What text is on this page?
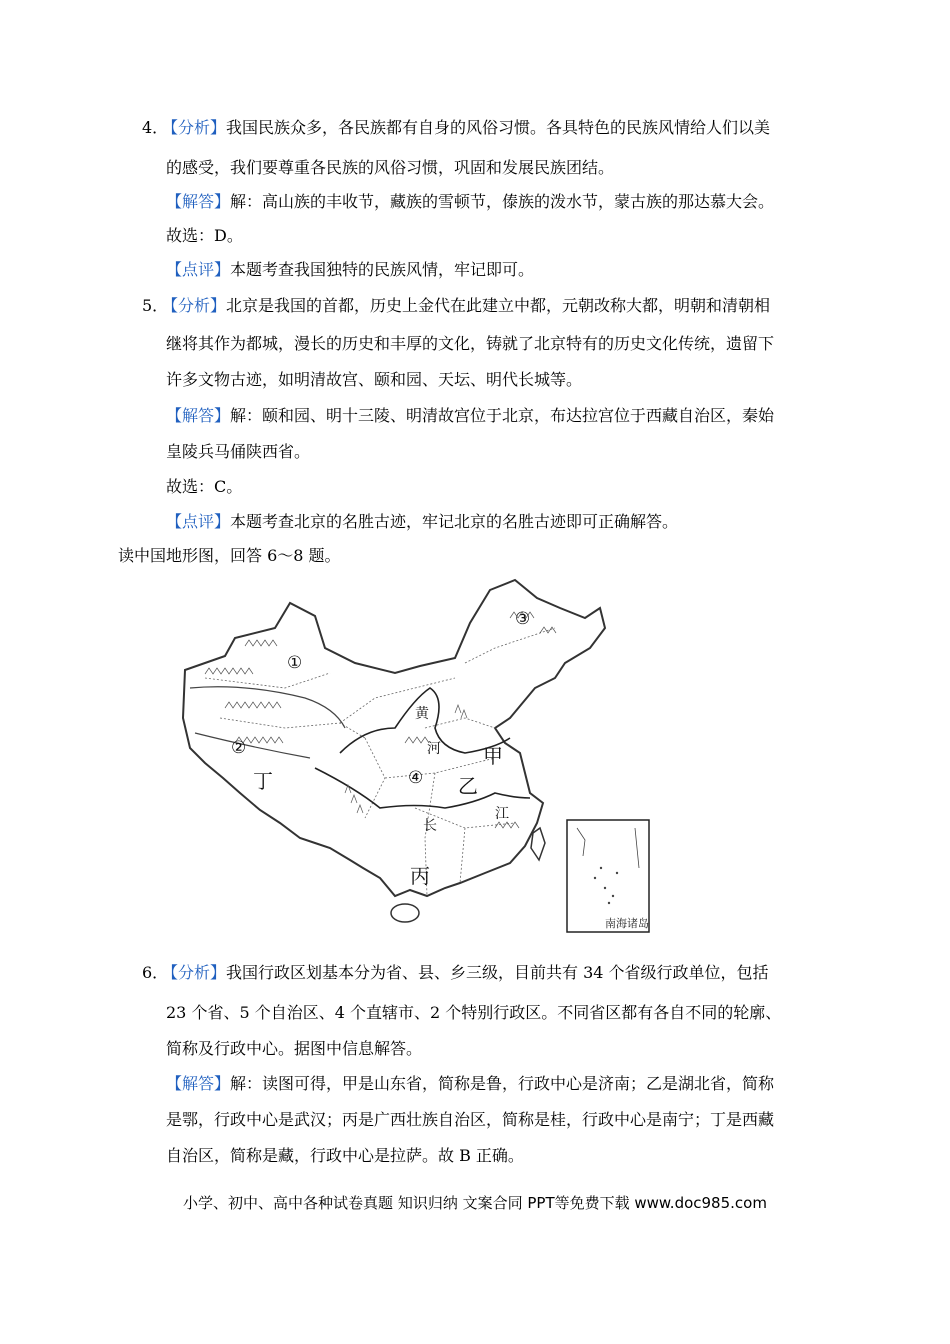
4．【分析】我国民族众多，各民族都有自身的风俗习惯。各具特色的民族风情给人们以美
的感受，我们要尊重各民族的风俗习惯，巩固和发展民族团结。
【解答】解：高山族的丰收节，藏族的雪顿节，傣族的泼水节，蒙古族的那达慕大会。
故选：D。
【点评】本题考查我国独特的民族风情，牢记即可。
5．【分析】北京是我国的首都，历史上金代在此建立中都，元朝改称大都，明朝和清朝相
继将其作为都城，漫长的历史和丰厚的文化，铸就了北京特有的历史文化传统，遗留下
许多文物古迹，如明清故宫、颐和园、天坛、明代长城等。
【解答】解：颐和园、明十三陵、明清故宫位于北京，布达拉宫位于西藏自治区，秦始
皇陵兵马俑陕西省。
故选：C。
【点评】本题考查北京的名胜古迹，牢记北京的名胜古迹即可正确解答。
读中国地形图，回答 6～8 题。
南海诸岛
①
②
③
④
甲
乙
丙
丁
黄
河
长
江
6．【分析】我国行政区划基本分为省、县、乡三级，目前共有 34 个省级行政单位，包括
23 个省、5 个自治区、4 个直辖市、2 个特别行政区。不同省区都有各自不同的轮廓、
简称及行政中心。据图中信息解答。
【解答】解：读图可得，甲是山东省，简称是鲁，行政中心是济南；乙是湖北省，简称
是鄂，行政中心是武汉；丙是广西壮族自治区，简称是桂，行政中心是南宁；丁是西藏
自治区，简称是藏，行政中心是拉萨。故 B 正确。
小学、初中、高中各种试卷真题 知识归纳 文案合同 PPT等免费下载 www.doc985.com
